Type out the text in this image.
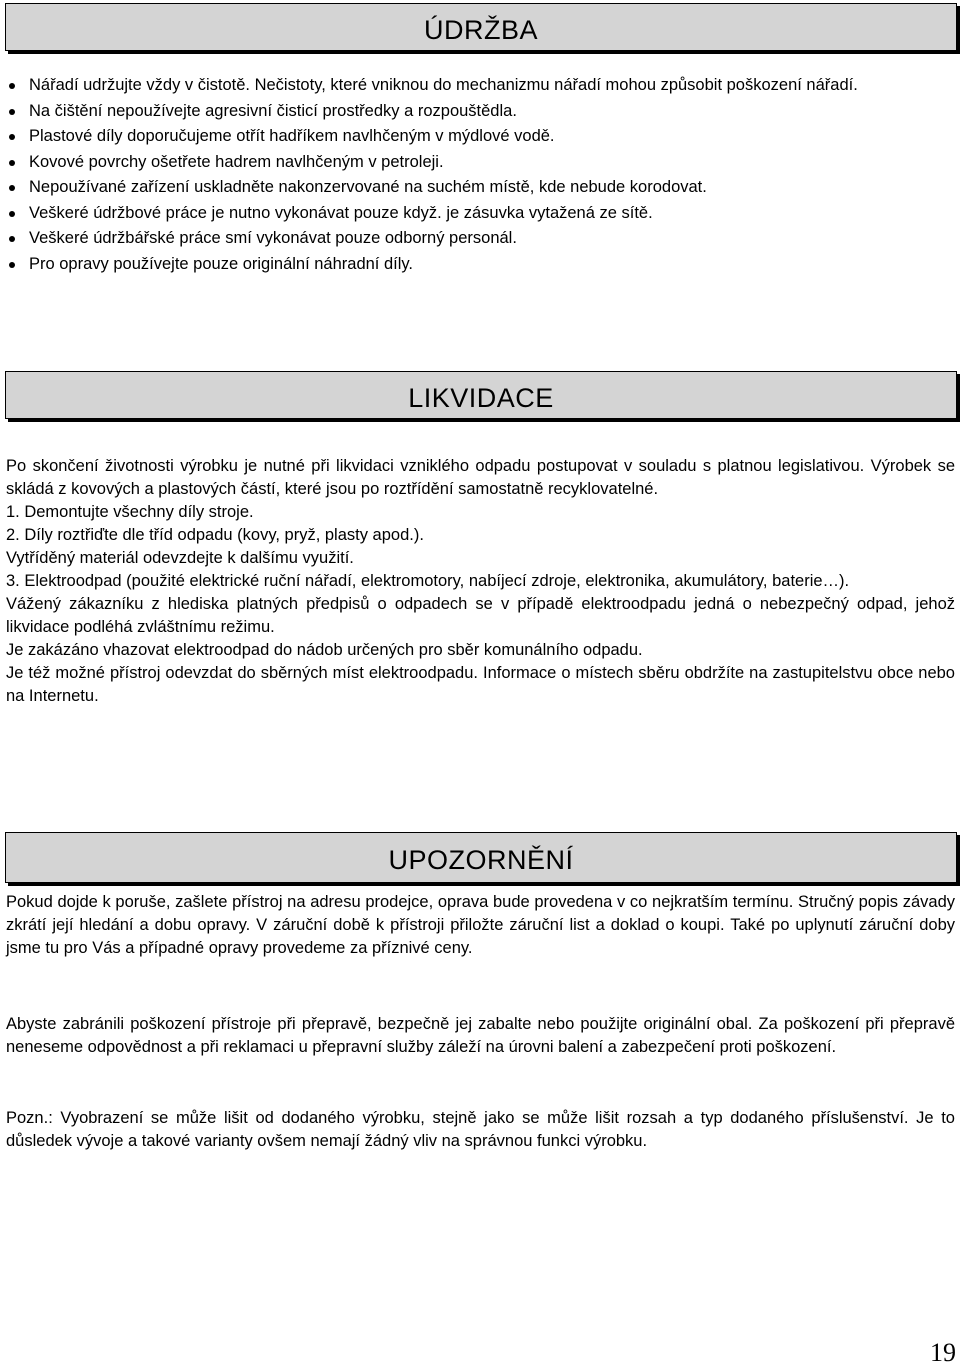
ÚDRŽBA
Nářadí udržujte vždy v čistotě. Nečistoty, které vniknou do mechanizmu nářadí mohou způsobit poškození nářadí.
Na čištění nepoužívejte agresivní čisticí prostředky a rozpouštědla.
Plastové díly doporučujeme otřít hadříkem navlhčeným v mýdlové vodě.
Kovové povrchy ošetřete hadrem navlhčeným v petroleji.
Nepoužívané zařízení uskladněte nakonzervované na suchém místě, kde nebude korodovat.
Veškeré údržbové práce je nutno vykonávat pouze když. je zásuvka vytažená ze sítě.
Veškeré údržbářské práce smí vykonávat pouze odborný personál.
Pro opravy používejte pouze originální náhradní díly.
LIKVIDACE

Po skončení životnosti výrobku je nutné při likvidaci vzniklého odpadu postupovat v souladu s platnou legislativou. Výrobek se skládá z kovových a plastových částí, které jsou po roztřídění samostatně recyklovatelné.

1. Demontujte všechny díly stroje.

2. Díly roztřiďte dle tříd odpadu (kovy, pryž, plasty apod.).

Vytříděný materiál odevzdejte k dalšímu využití.

3. Elektroodpad (použité elektrické ruční nářadí, elektromotory, nabíjecí zdroje, elektronika, akumulátory, baterie…).

Vážený zákazníku z hlediska platných předpisů o odpadech se v případě elektroodpadu jedná o nebezpečný odpad, jehož likvidace podléhá zvláštnímu režimu.

Je zakázáno vhazovat elektroodpad do nádob určených pro sběr komunálního odpadu.

Je též možné přístroj odevzdat do sběrných míst elektroodpadu. Informace o místech sběru obdržíte na zastupitelstvu obce nebo na Internetu.

UPOZORNĚNÍ
Pokud dojde k poruše, zašlete přístroj na adresu prodejce, oprava bude provedena v co nejkratším termínu. Stručný popis závady zkrátí její hledání a dobu opravy. V záruční době k přístroji přiložte záruční list a doklad o koupi. Také po uplynutí záruční doby jsme tu pro Vás a případné opravy provedeme za příznivé ceny.
Abyste zabránili poškození přístroje při přepravě, bezpečně jej zabalte nebo použijte originální obal. Za poškození při přepravě neneseme odpovědnost a při reklamaci u přepravní služby záleží na úrovni balení a zabezpečení proti poškození.
Pozn.: Vyobrazení se může lišit od dodaného výrobku, stejně jako se může lišit rozsah a typ dodaného příslušenství. Je to důsledek vývoje a takové varianty ovšem nemají žádný vliv na správnou funkci výrobku.
19
